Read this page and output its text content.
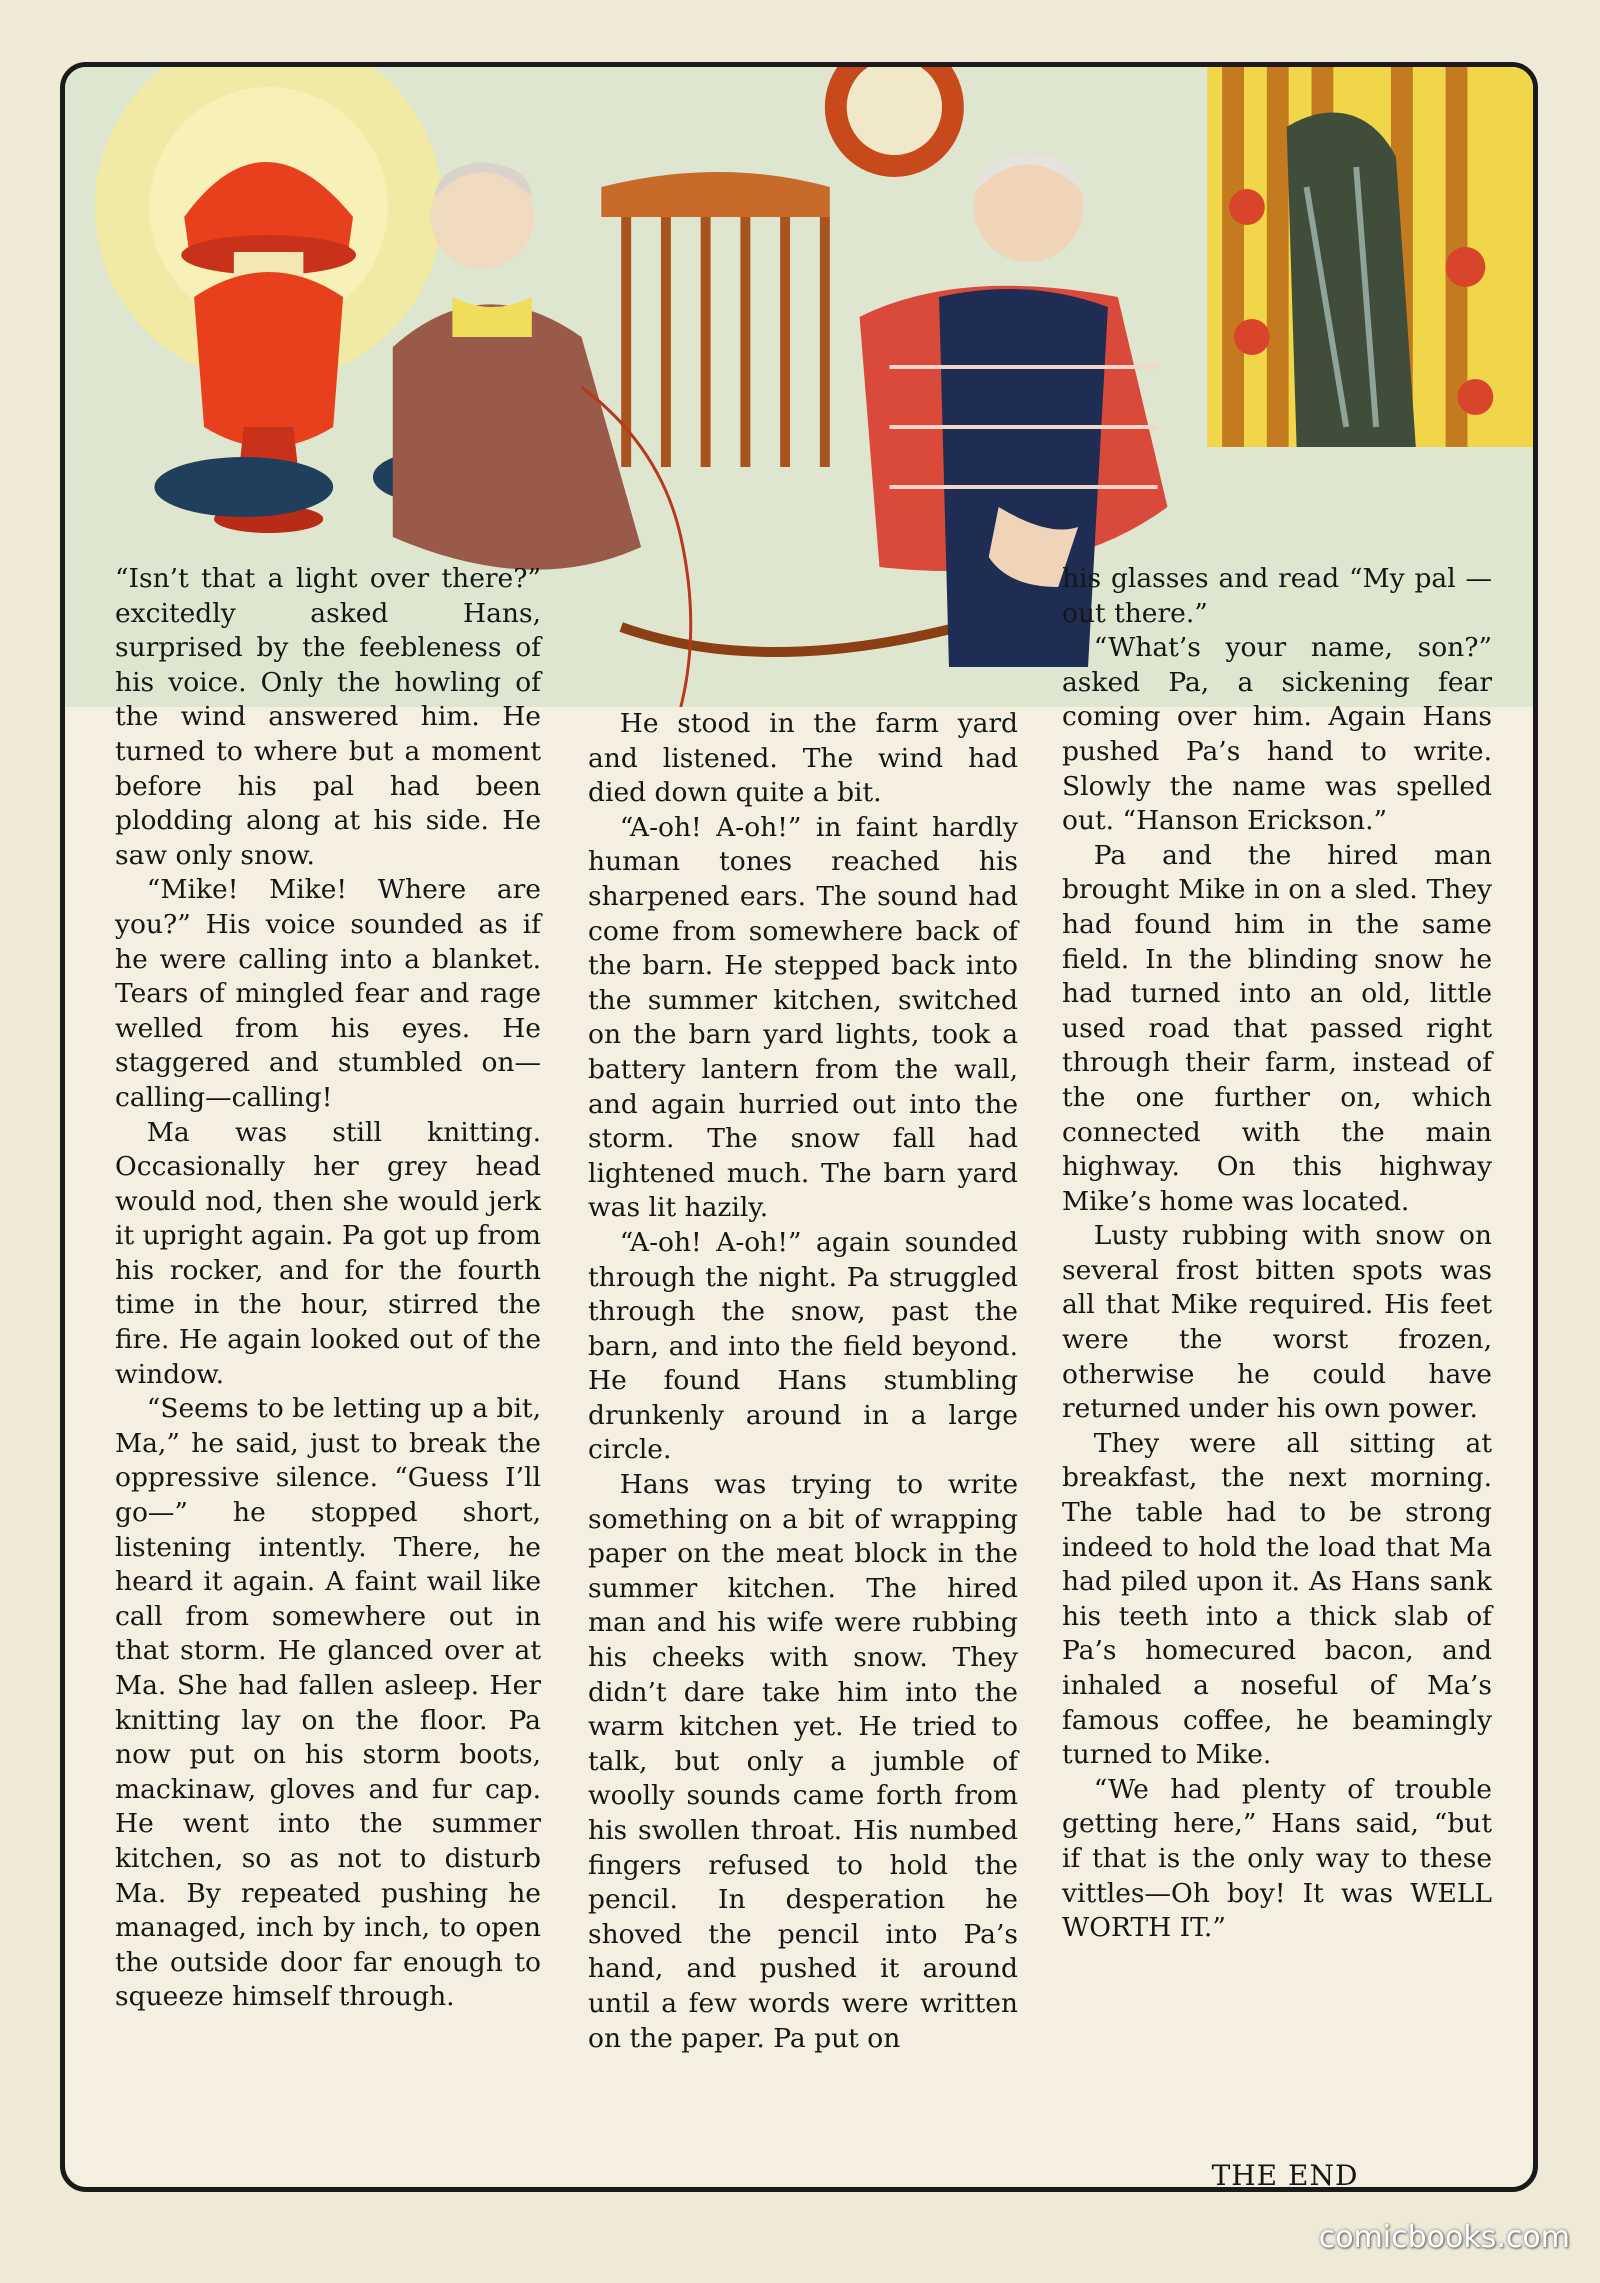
“Isn’t that a light over there?” excitedly asked Hans, surprised by the feebleness of his voice. Only the howling of the wind answered him. He turned to where but a moment before his pal had been plodding along at his side. He saw only snow.

“Mike! Mike! Where are you?” His voice sounded as if he were calling into a blanket. Tears of mingled fear and rage welled from his eyes. He staggered and stumbled on—calling—calling!

Ma was still knitting. Occasionally her grey head would nod, then she would jerk it upright again. Pa got up from his rocker, and for the fourth time in the hour, stirred the fire. He again looked out of the window.

“Seems to be letting up a bit, Ma,” he said, just to break the oppressive silence. “Guess I’ll go—” he stopped short, listening intently. There, he heard it again. A faint wail like call from somewhere out in that storm. He glanced over at Ma. She had fallen asleep. Her knitting lay on the floor. Pa now put on his storm boots, mackinaw, gloves and fur cap. He went into the summer kitchen, so as not to disturb Ma. By repeated pushing he managed, inch by inch, to open the outside door far enough to squeeze himself through.

He stood in the farm yard and listened. The wind had died down quite a bit.

“A-oh! A-oh!” in faint hardly human tones reached his sharpened ears. The sound had come from somewhere back of the barn. He stepped back into the summer kitchen, switched on the barn yard lights, took a battery lantern from the wall, and again hurried out into the storm. The snow fall had lightened much. The barn yard was lit hazily.

“A-oh! A-oh!” again sounded through the night. Pa struggled through the snow, past the barn, and into the field beyond. He found Hans stumbling drunkenly around in a large circle.

Hans was trying to write something on a bit of wrapping paper on the meat block in the summer kitchen. The hired man and his wife were rubbing his cheeks with snow. They didn’t dare take him into the warm kitchen yet. He tried to talk, but only a jumble of woolly sounds came forth from his swollen throat. His numbed fingers refused to hold the pencil. In desperation he shoved the pencil into Pa’s hand, and pushed it around until a few words were written on the paper. Pa put on

his glasses and read “My pal —out there.”

“What’s your name, son?” asked Pa, a sickening fear coming over him. Again Hans pushed Pa’s hand to write. Slowly the name was spelled out. “Hanson Erickson.”

Pa and the hired man brought Mike in on a sled. They had found him in the same field. In the blinding snow he had turned into an old, little used road that passed right through their farm, instead of the one further on, which connected with the main highway. On this highway Mike’s home was located.

Lusty rubbing with snow on several frost bitten spots was all that Mike required. His feet were the worst frozen, otherwise he could have returned under his own power.

They were all sitting at breakfast, the next morning. The table had to be strong indeed to hold the load that Ma had piled upon it. As Hans sank his teeth into a thick slab of Pa’s homecured bacon, and inhaled a noseful of Ma’s famous coffee, he beamingly turned to Mike.

“We had plenty of trouble getting here,” Hans said, “but if that is the only way to these vittles—Oh boy! It was WELL WORTH IT.”

THE END
comicbooks.com
